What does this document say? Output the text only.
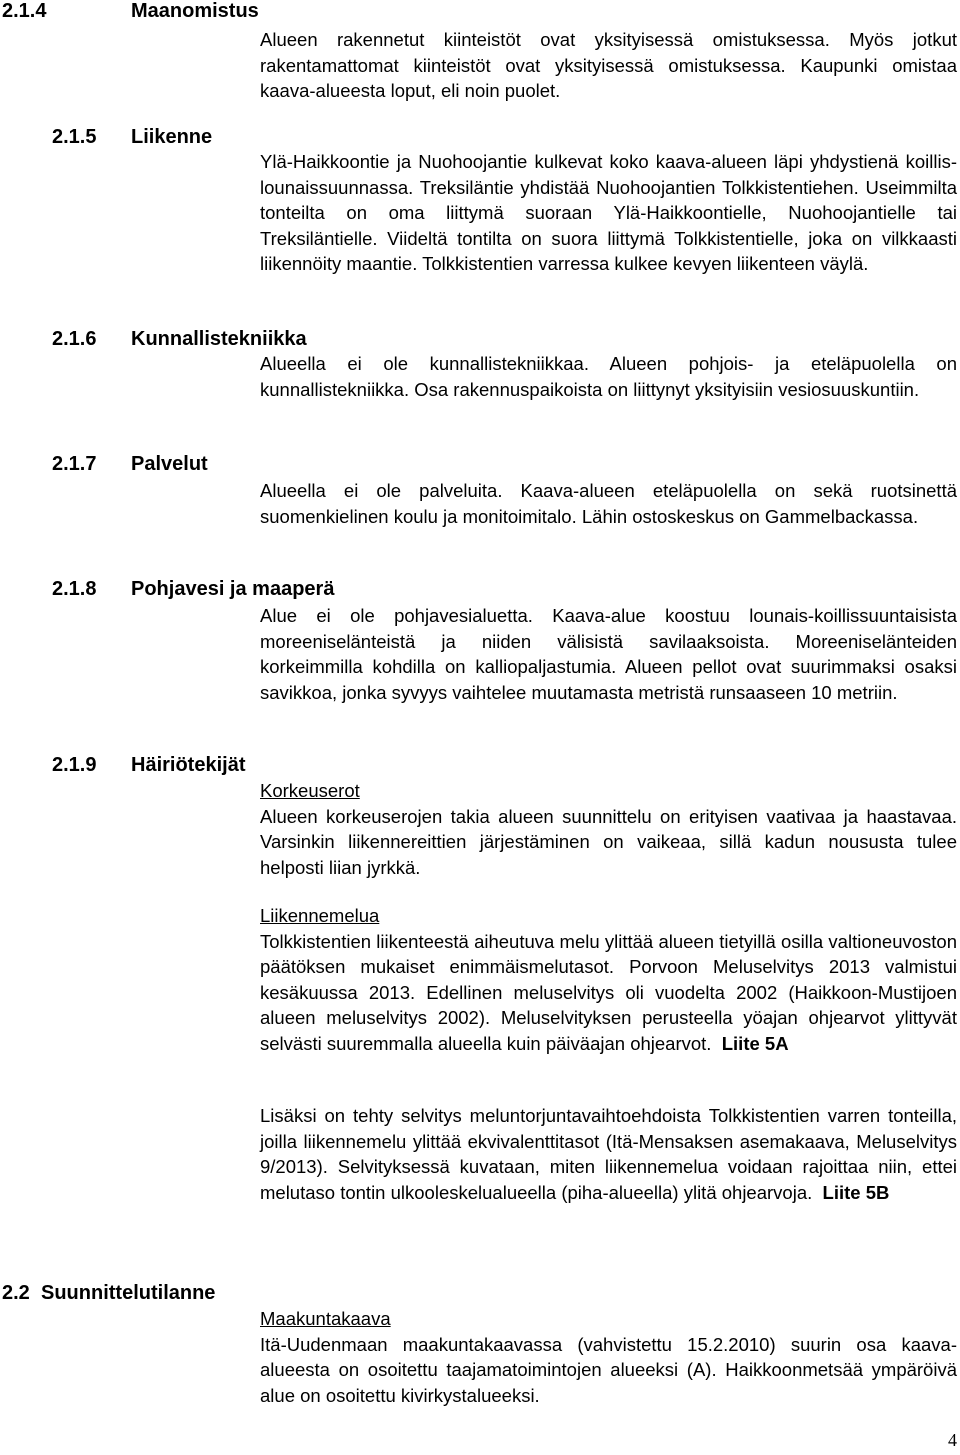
2.1.4	Maanomistus

Alueen rakennetut kiinteistöt ovat yksityisessä omistuksessa. Myös jotkut rakentamattomat kiinteistöt ovat yksityisessä omistuksessa. Kaupunki omistaa kaava-alueesta loput, eli noin puolet.

2.1.5 Liikenne

Ylä-Haikkoontie ja Nuohoojantie kulkevat koko kaava-alueen läpi yhdystienä koillis-lounaissuunnassa. Treksiläntie yhdistää Nuohoojantien Tolkkistentiehen. Useimmilta tonteilta on oma liittymä suoraan Ylä-Haikkoontielle, Nuohoojantielle tai Treksiläntielle. Viideltä tontilta on suora liittymä Tolkkistentielle, joka on vilkkaasti liikennöity maantie. Tolkkistentien varressa kulkee kevyen liikenteen väylä.

2.1.6 Kunnallistekniikka

Alueella ei ole kunnallistekniikkaa. Alueen pohjois- ja eteläpuolella on kunnallistekniikka. Osa rakennuspaikoista on liittynyt yksityisiin vesiosuuskuntiin.

2.1.7 Palvelut

Alueella ei ole palveluita. Kaava-alueen eteläpuolella on sekä ruotsinettä suomenkielinen koulu ja monitoimitalo. Lähin ostoskeskus on Gammelbackassa.

2.1.8 Pohjavesi ja maaperä

Alue ei ole pohjavesialuetta. Kaava-alue koostuu lounais-koillissuuntaisista moreeniselänteistä ja niiden välisistä savilaaksoista. Moreeniselänteiden korkeimmilla kohdilla on kalliopaljastumia. Alueen pellot ovat suurimmaksi osaksi savikkoa, jonka syvyys vaihtelee muutamasta metristä runsaaseen 10 metriin.

2.1.9 Häiriötekijät

Korkeuserot

Alueen korkeuserojen takia alueen suunnittelu on erityisen vaativaa ja haastavaa. Varsinkin liikennereittien järjestäminen on vaikeaa, sillä kadun noususta tulee helposti liian jyrkkä.

Liikennemelua

Tolkkistentien liikenteestä aiheutuva melu ylittää alueen tietyillä osilla valtioneuvoston päätöksen mukaiset enimmäismelutasot. Porvoon Meluselvitys 2013 valmistui kesäkuussa 2013. Edellinen meluselvitys oli vuodelta 2002 (Haikkoon-Mustijoen alueen meluselvitys 2002). Meluselvityksen perusteella yöajan ohjearvot ylittyvät selvästi suuremmalla alueella kuin päiväajan ohjearvot. Liite 5A

Lisäksi on tehty selvitys meluntorjuntavaihtoehdoista Tolkkistentien varren tonteilla, joilla liikennemelu ylittää ekvivalenttitasot (Itä-Mensaksen asemakaava, Meluselvitys 9/2013). Selvityksessä kuvataan, miten liikennemelua voidaan rajoittaa niin, ettei melutaso tontin ulkooleskelualueella (piha-alueella) ylitä ohjearvoja. Liite 5B

2.2 Suunnittelutilanne

Maakuntakaava

Itä-Uudenmaan maakuntakaavassa (vahvistettu 15.2.2010) suurin osa kaava-alueesta on osoitettu taajamatoimintojen alueeksi (A). Haikkoonmetsää ympäröivä alue on osoitettu kivirkystalueeksi.

4
